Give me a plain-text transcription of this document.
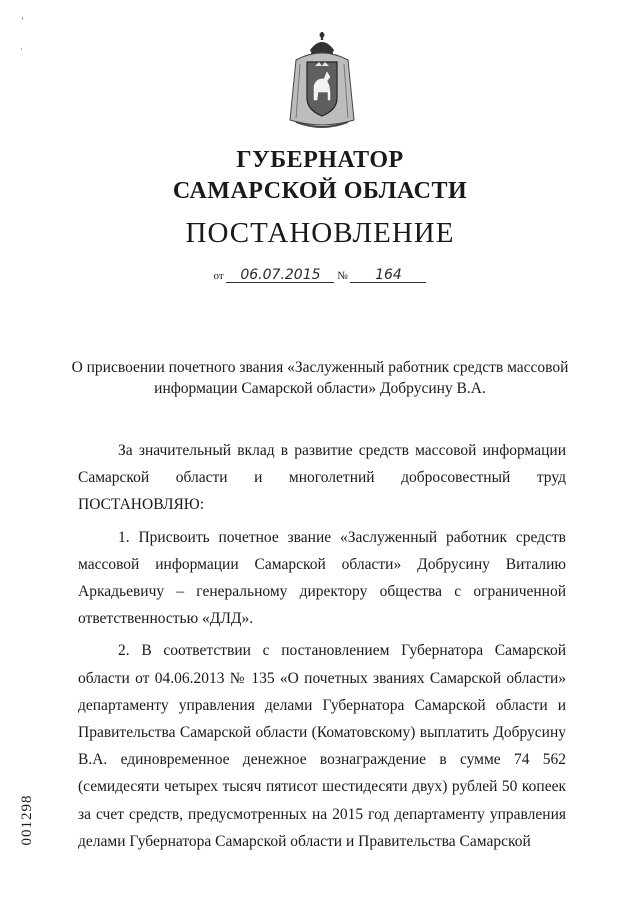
ʼ
·
ГУБЕРНАТОР
САМАРСКОЙ ОБЛАСТИ
ПОСТАНОВЛЕНИЕ
от 06.07.2015 № 164
О присвоении почетного звания «Заслуженный работник средств массовой информации Самарской области» Добрусину В.А.

За значительный вклад в развитие средств массовой информации Самарской области и многолетний добросовестный труд ПОСТАНОВЛЯЮ:

1. Присвоить почетное звание «Заслуженный работник средств массовой информации Самарской области» Добрусину Виталию Аркадьевичу – генеральному директору общества с ограниченной ответственностью «ДЛД».

2. В соответствии с постановлением Губернатора Самарской области от 04.06.2013 № 135 «О почетных званиях Самарской области» департаменту управления делами Губернатора Самарской области и Правительства Самарской области (Коматовскому) выплатить Добрусину В.А. единовременное денежное вознаграждение в сумме 74 562 (семидесяти четырех тысяч пятисот шестидесяти двух) рублей 50 копеек за счет средств, предусмотренных на 2015 год департаменту управления делами Губернатора Самарской области и Правительства Самарской

001298
